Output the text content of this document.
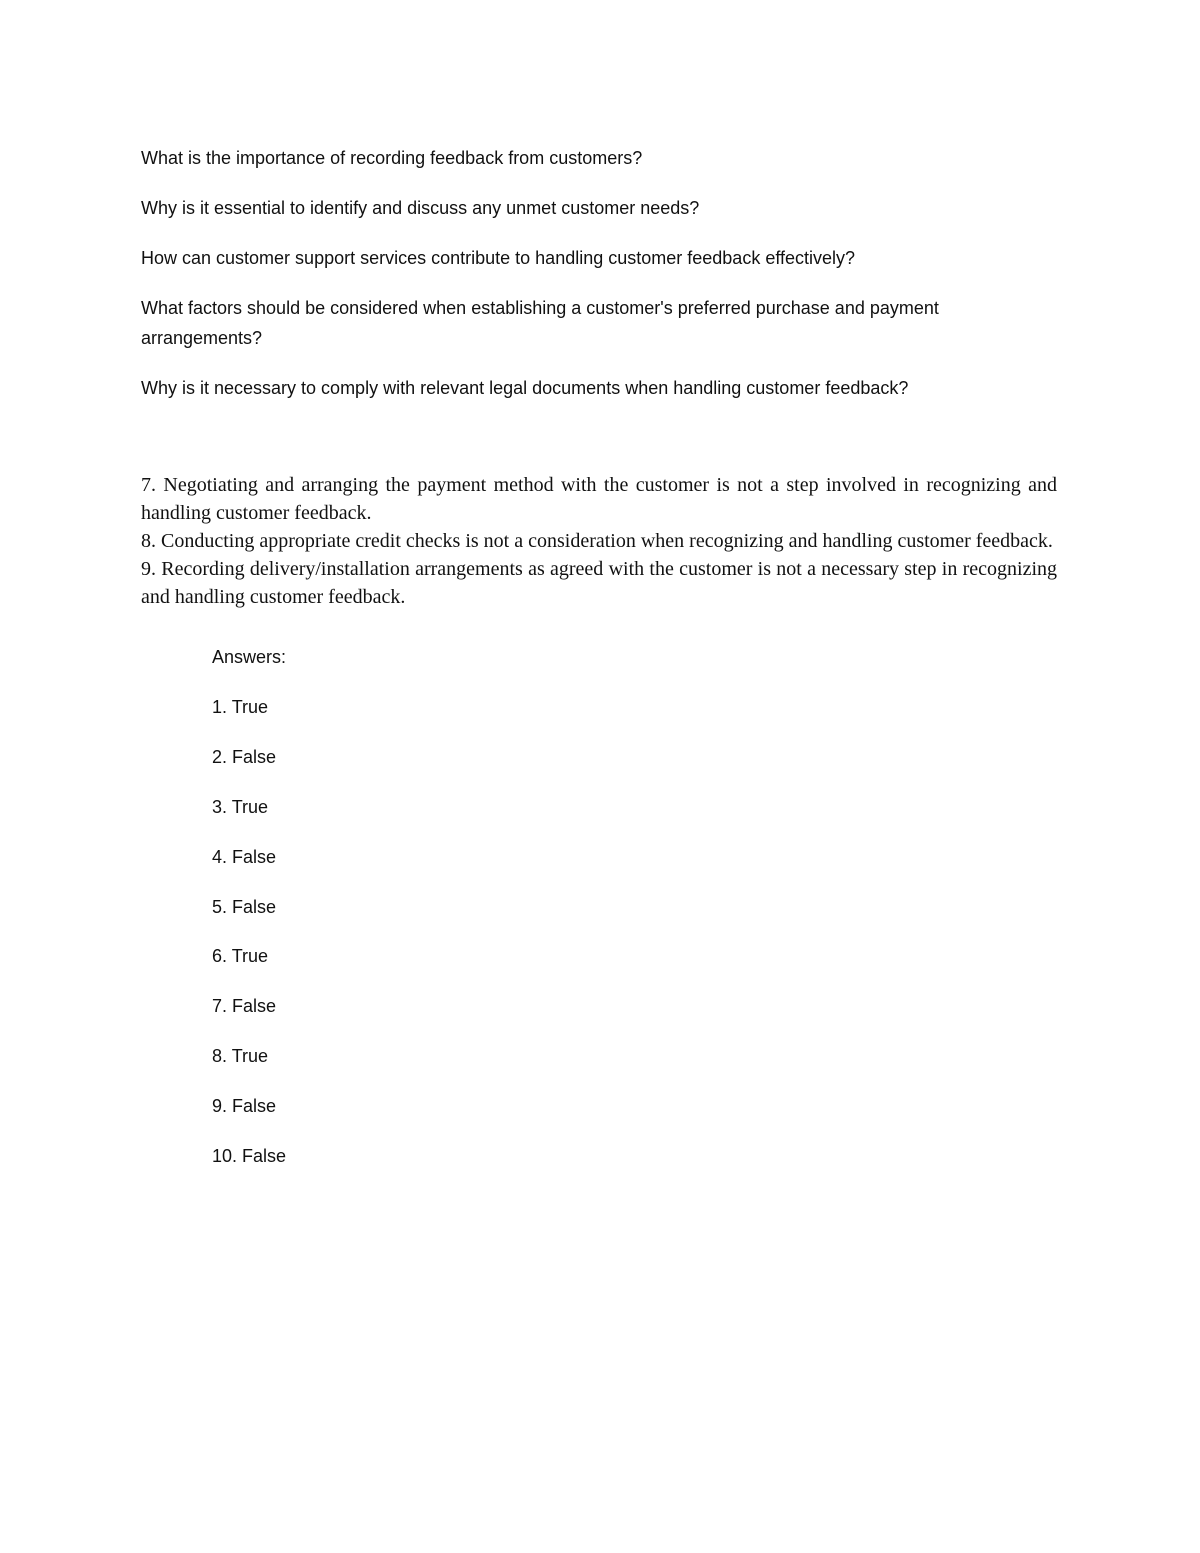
What is the importance of recording feedback from customers?

Why is it essential to identify and discuss any unmet customer needs?

How can customer support services contribute to handling customer feedback effectively?

What factors should be considered when establishing a customer's preferred purchase and payment arrangements?

Why is it necessary to comply with relevant legal documents when handling customer feedback?

7. Negotiating and arranging the payment method with the customer is not a step involved in recognizing and handling customer feedback.

8. Conducting appropriate credit checks is not a consideration when recognizing and handling customer feedback.

9. Recording delivery/installation arrangements as agreed with the customer is not a necessary step in recognizing and handling customer feedback.

Answers:

1. True

2. False

3. True

4. False

5. False

6. True

7. False

8. True

9. False

10. False
